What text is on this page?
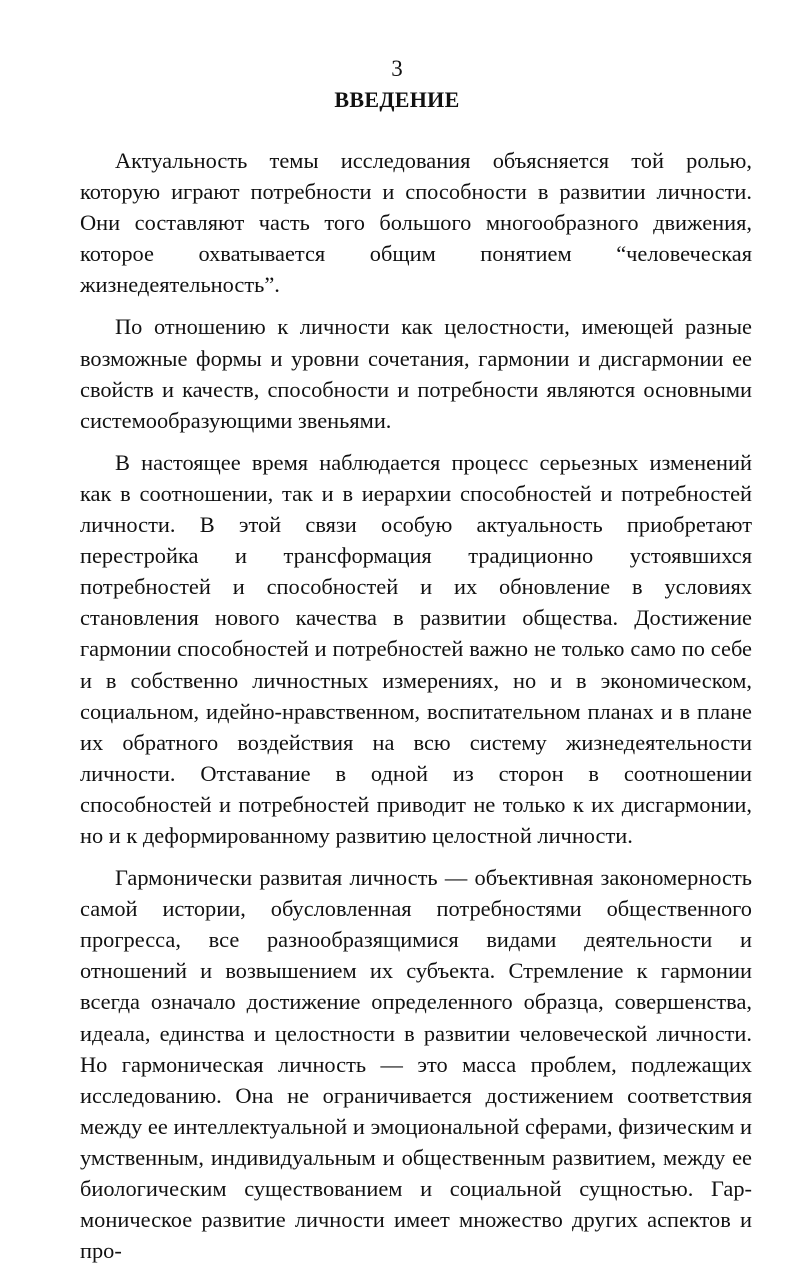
3
ВВЕДЕНИЕ

Актуальность темы исследования объясняется той ролью, которую играют потребности и способности в развитии личности. Они составляют часть того большого многообразного движения, которое охватывается общим понятием “человеческая жизнедеятельность”.

По отношению к личности как целостности, имеющей разные возможные формы и уровни сочетания, гармонии и дисгармонии ее свойств и качеств, способности и потребности являются основными системообразующими звеньями.

В настоящее время наблюдается процесс серьезных изменений как в соотношении, так и в иерархии способностей и потребностей личности. В этой связи особую актуальность приобретают перестройка и трансформация традиционно устоявшихся потребностей и способностей и их обновление в условиях становления нового качества в развитии общества. Достижение гармонии способностей и потребностей важно не только само по себе и в собственно личностных измерениях, но и в экономическом, социальном, идейно-нравственном, воспитательном планах и в плане их обратного воздействия на всю систему жизнедеятельности личности. Отставание в одной из сторон в соотношении способностей и потребностей приводит не только к их дисгармонии, но и к деформированному развитию целостной личности.

Гармонически развитая личность — объективная закономерность самой истории, обусловленная потребностями общественного прогресса, все разнообразящимися видами деятельности и отношений и возвышением их субъекта. Стремление к гармонии всегда означало достижение определенного образца, совершенства, идеала, единства и целостности в развитии человеческой личности. Но гармоническая личность — это масса проблем, подлежащих исследованию. Она не ограничивается достижением соответствия между ее интеллектуальной и эмоциональной сферами, физическим и умственным, индивидуальным и общественным развитием, между ее биологическим существованием и социальной сущностью. Гармоническое развитие личности имеет множество других аспектов и про-
